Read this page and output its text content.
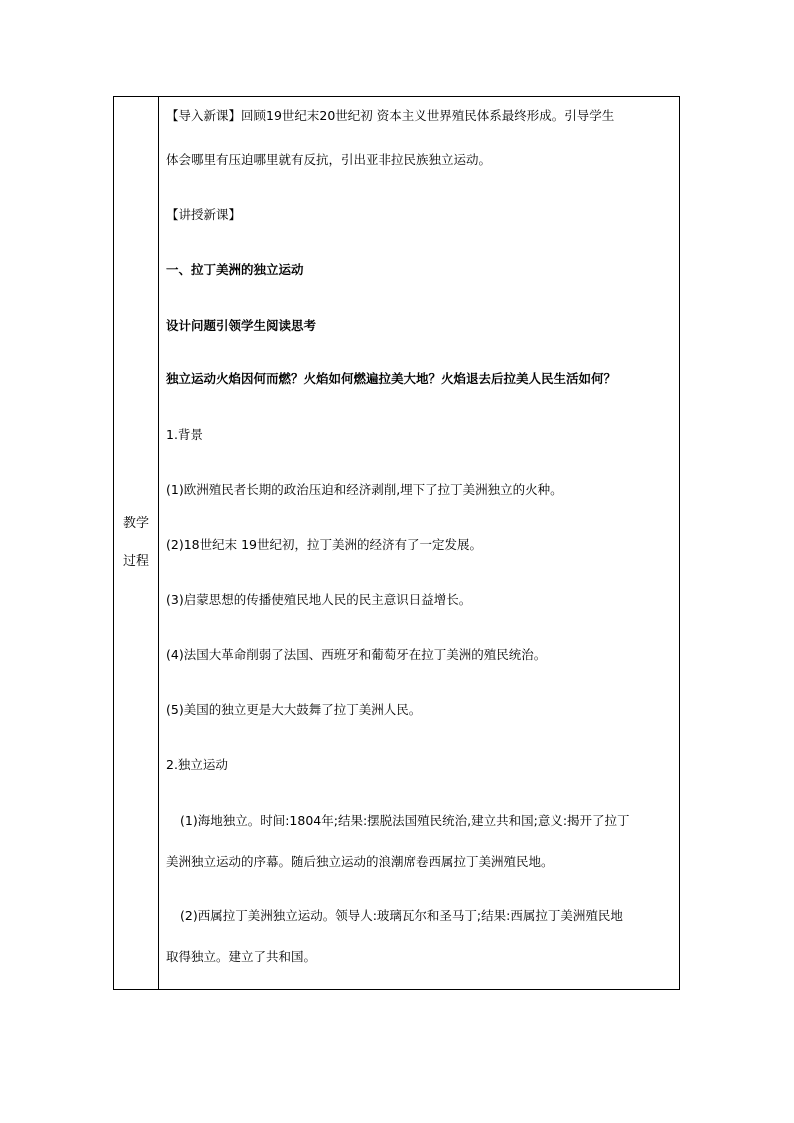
教学
过程
【导入新课】回顾19世纪末20世纪初 资本主义世界殖民体系最终形成。引导学生
体会哪里有压迫哪里就有反抗，引出亚非拉民族独立运动。
【讲授新课】
一、拉丁美洲的独立运动
设计问题引领学生阅读思考
独立运动火焰因何而燃？火焰如何燃遍拉美大地？火焰退去后拉美人民生活如何？
1.背景
(1)欧洲殖民者长期的政治压迫和经济剥削,埋下了拉丁美洲独立的火种。
(2)18世纪末 19世纪初，拉丁美洲的经济有了一定发展。
(3)启蒙思想的传播使殖民地人民的民主意识日益增长。
(4)法国大革命削弱了法国、西班牙和葡萄牙在拉丁美洲的殖民统治。
(5)美国的独立更是大大鼓舞了拉丁美洲人民。
2.独立运动
(1)海地独立。时间:1804年;结果:摆脱法国殖民统治,建立共和国;意义:揭开了拉丁
美洲独立运动的序幕。随后独立运动的浪潮席卷西属拉丁美洲殖民地。
(2)西属拉丁美洲独立运动。领导人:玻璃瓦尔和圣马丁;结果:西属拉丁美洲殖民地
取得独立。建立了共和国。
